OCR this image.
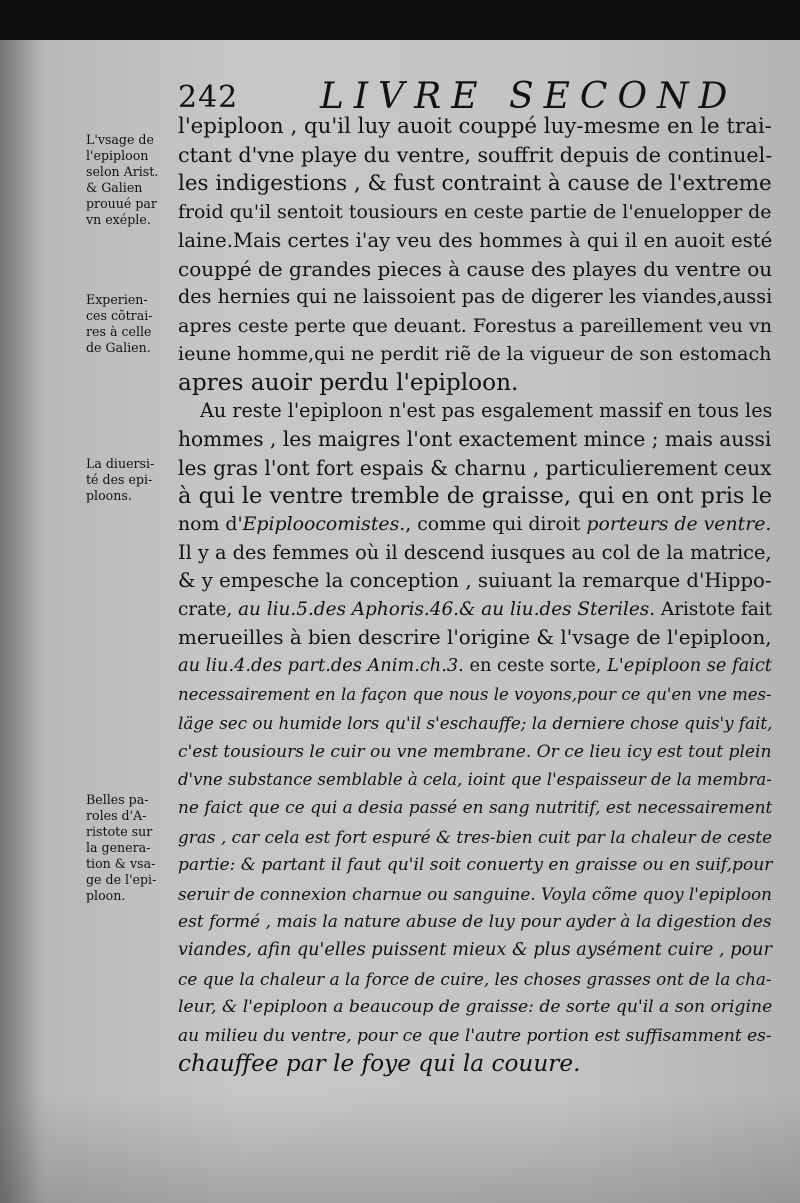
242 LIVRE SECOND
L'vsage de
l'epiploon
selon Arist.
& Galien
prouué par
vn exéple.
Experien-
ces cõtrai-
res à celle
de Galien.
La diuersi-
té des epi-
ploons.
Belles pa-
roles d'A-
ristote sur
la genera-
tion & vsa-
ge de l'epi-
ploon.
l'epiploon , qu'il luy auoit couppé luy-mesme en le trai-
ctant d'vne playe du ventre, souffrit depuis de continuel-
les indigestions , & fust contraint à cause de l'extreme
froid qu'il sentoit tousiours en ceste partie de l'enuelopper de
laine.Mais certes i'ay veu des hommes à qui il en auoit esté
couppé de grandes pieces à cause des playes du ventre ou
des hernies qui ne laissoient pas de digerer les viandes,aussi
apres ceste perte que deuant. Forestus a pareillement veu vn
ieune homme,qui ne perdit riẽ de la vigueur de son estomach
apres auoir perdu l'epiploon.
Au reste l'epiploon n'est pas esgalement massif en tous les
hommes , les maigres l'ont exactement mince ; mais aussi
les gras l'ont fort espais & charnu , particulierement ceux
à qui le ventre tremble de graisse, qui en ont pris le
nom d'Epiploocomistes., comme qui diroit porteurs de ventre.
Il y a des femmes où il descend iusques au col de la matrice,
& y empesche la conception , suiuant la remarque d'Hippo-
crate, au liu.5.des Aphoris.46.& au liu.des Steriles. Aristote fait
merueilles à bien descrire l'origine & l'vsage de l'epiploon,
au liu.4.des part.des Anim.ch.3. en ceste sorte, L'epiploon se faict
necessairement en la façon que nous le voyons,pour ce qu'en vne mes-
läge sec ou humide lors qu'il s'eschauffe; la derniere chose quis'y fait,
c'est tousiours le cuir ou vne membrane. Or ce lieu icy est tout plein
d'vne substance semblable à cela, ioint que l'espaisseur de la membra-
ne faict que ce qui a desia passé en sang nutritif, est necessairement
gras , car cela est fort espuré & tres-bien cuit par la chaleur de ceste
partie: & partant il faut qu'il soit conuerty en graisse ou en suif,pour
seruir de connexion charnue ou sanguine. Voyla cõme quoy l'epiploon
est formé , mais la nature abuse de luy pour ayder à la digestion des
viandes, afin qu'elles puissent mieux & plus aysément cuire , pour
ce que la chaleur a la force de cuire, les choses grasses ont de la cha-
leur, & l'epiploon a beaucoup de graisse: de sorte qu'il a son origine
au milieu du ventre, pour ce que l'autre portion est suffisamment es-
chauffee par le foye qui la couure.
